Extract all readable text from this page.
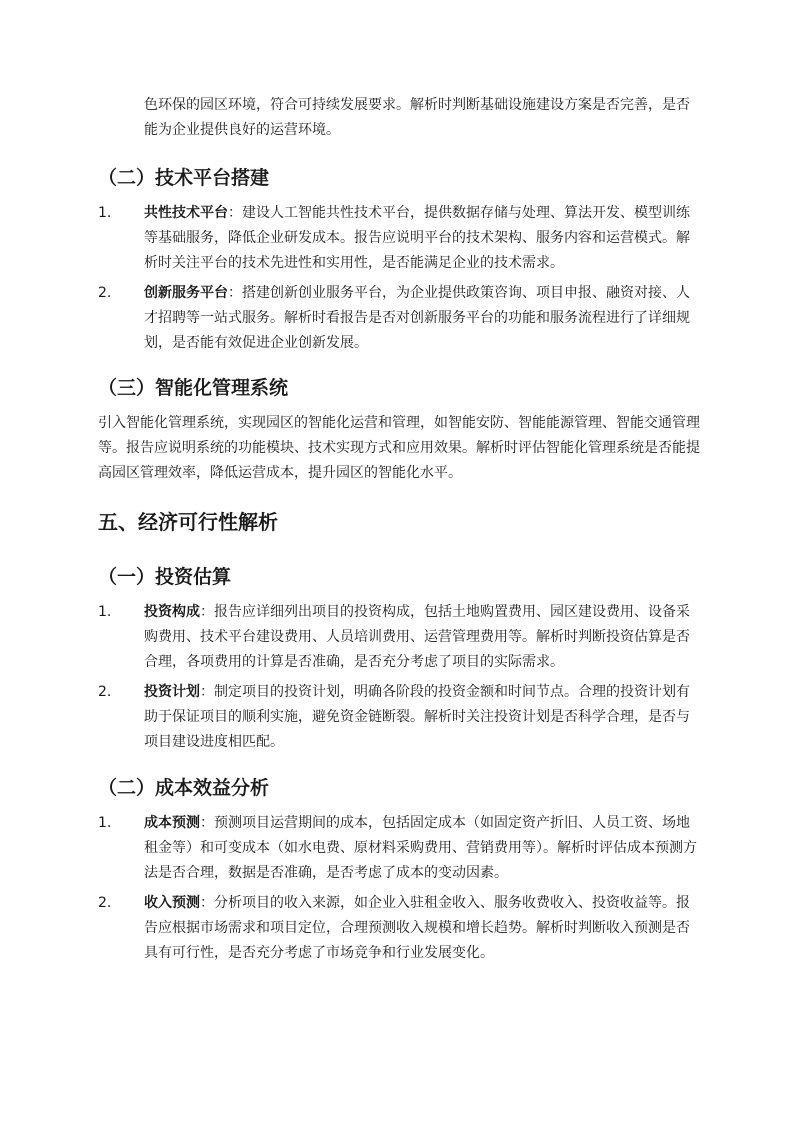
色环保的园区环境，符合可持续发展要求。解析时判断基础设施建设方案是否完善，是否能为企业提供良好的运营环境。

（二）技术平台搭建
1. 共性技术平台：建设人工智能共性技术平台，提供数据存储与处理、算法开发、模型训练等基础服务，降低企业研发成本。报告应说明平台的技术架构、服务内容和运营模式。解析时关注平台的技术先进性和实用性，是否能满足企业的技术需求。

2. 创新服务平台：搭建创新创业服务平台，为企业提供政策咨询、项目申报、融资对接、人才招聘等一站式服务。解析时看报告是否对创新服务平台的功能和服务流程进行了详细规划，是否能有效促进企业创新发展。

（三）智能化管理系统

引入智能化管理系统，实现园区的智能化运营和管理，如智能安防、智能能源管理、智能交通管理等。报告应说明系统的功能模块、技术实现方式和应用效果。解析时评估智能化管理系统是否能提高园区管理效率，降低运营成本，提升园区的智能化水平。

五、经济可行性解析
（一）投资估算
1. 投资构成：报告应详细列出项目的投资构成，包括土地购置费用、园区建设费用、设备采购费用、技术平台建设费用、人员培训费用、运营管理费用等。解析时判断投资估算是否合理，各项费用的计算是否准确，是否充分考虑了项目的实际需求。

2. 投资计划：制定项目的投资计划，明确各阶段的投资金额和时间节点。合理的投资计划有助于保证项目的顺利实施，避免资金链断裂。解析时关注投资计划是否科学合理，是否与项目建设进度相匹配。

（二）成本效益分析
1. 成本预测：预测项目运营期间的成本，包括固定成本（如固定资产折旧、人员工资、场地租金等）和可变成本（如水电费、原材料采购费用、营销费用等）。解析时评估成本预测方法是否合理，数据是否准确，是否考虑了成本的变动因素。

2. 收入预测：分析项目的收入来源，如企业入驻租金收入、服务收费收入、投资收益等。报告应根据市场需求和项目定位，合理预测收入规模和增长趋势。解析时判断收入预测是否具有可行性，是否充分考虑了市场竞争和行业发展变化。
